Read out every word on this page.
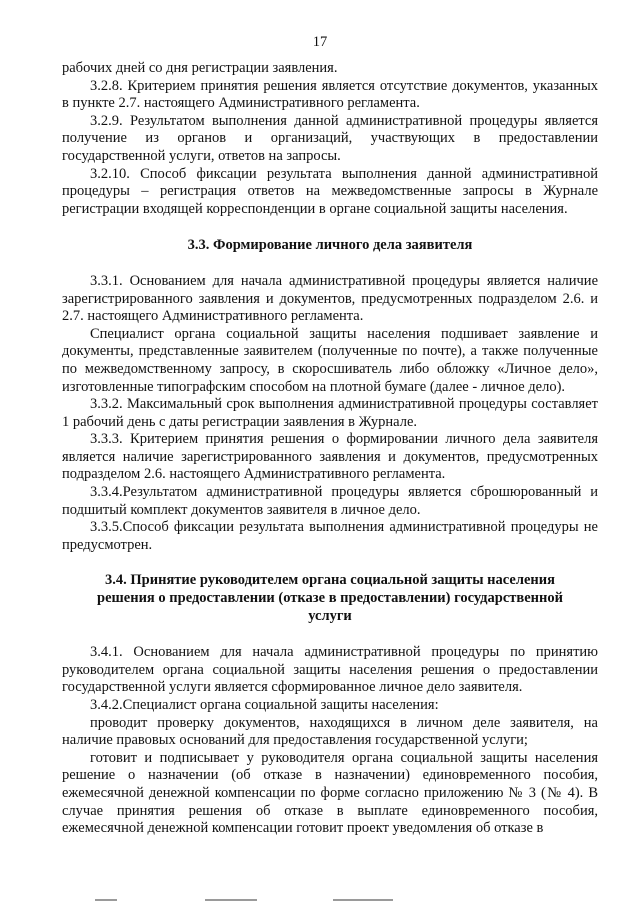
17

рабочих дней со дня регистрации заявления.

3.2.8. Критерием принятия решения является отсутствие документов, указанных в пункте 2.7. настоящего Административного регламента.

3.2.9. Результатом выполнения данной административной процедуры является получение из органов и организаций, участвующих в предоставлении государственной услуги, ответов на запросы.

3.2.10. Способ фиксации результата выполнения данной административной процедуры – регистрация ответов на межведомственные запросы в Журнале регистрации входящей корреспонденции в органе социальной защиты населения.

3.3. Формирование личного дела заявителя

3.3.1. Основанием для начала административной процедуры является наличие зарегистрированного заявления и документов, предусмотренных подразделом 2.6. и 2.7. настоящего Административного регламента.

Специалист органа социальной защиты населения подшивает заявление и документы, представленные заявителем (полученные по почте), а также полученные по межведомственному запросу, в скоросшиватель либо обложку «Личное дело», изготовленные типографским способом на плотной бумаге (далее - личное дело).

3.3.2. Максимальный срок выполнения административной процедуры составляет 1 рабочий день с даты регистрации заявления в Журнале.

3.3.3. Критерием принятия решения о формировании личного дела заявителя является наличие зарегистрированного заявления и документов, предусмотренных подразделом 2.6. настоящего Административного регламента.

3.3.4.Результатом административной процедуры является сброшюрованный и подшитый комплект документов заявителя в личное дело.

3.3.5.Способ фиксации результата выполнения административной процедуры не предусмотрен.

3.4. Принятие руководителем органа социальной защиты населения

решения о предоставлении (отказе в предоставлении) государственной

услуги

3.4.1. Основанием для начала административной процедуры по принятию руководителем органа социальной защиты населения решения о предоставлении государственной услуги является сформированное личное дело заявителя.

3.4.2.Специалист органа социальной защиты населения:

проводит проверку документов, находящихся в личном деле заявителя, на наличие правовых оснований для предоставления государственной услуги;

готовит и подписывает у руководителя органа социальной защиты населения решение о назначении (об отказе в назначении) единовременного пособия, ежемесячной денежной компенсации по форме согласно приложению № 3 (№ 4). В случае принятия решения об отказе в выплате единовременного пособия, ежемесячной денежной компенсации готовит проект уведомления об отказе в
